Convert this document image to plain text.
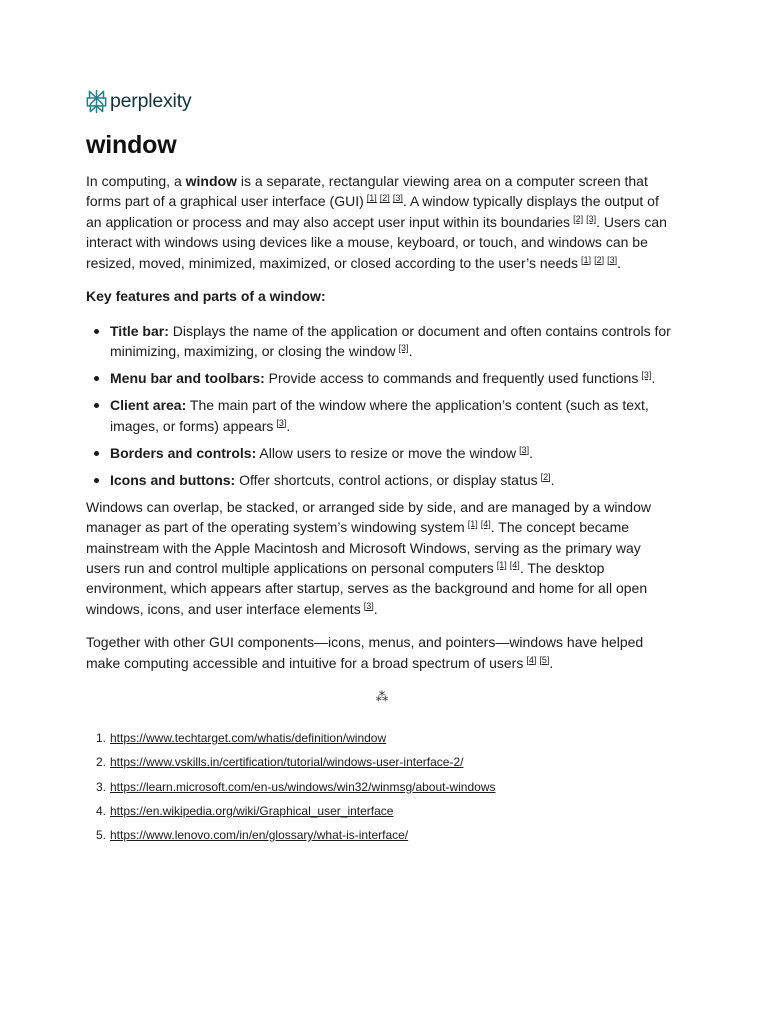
perplexity
window

In computing, a window is a separate, rectangular viewing area on a computer screen that forms part of a graphical user interface (GUI) [1] [2] [3]. A window typically displays the output of an application or process and may also accept user input within its boundaries [2] [3]. Users can interact with windows using devices like a mouse, keyboard, or touch, and windows can be resized, moved, minimized, maximized, or closed according to the user’s needs [1] [2] [3].

Key features and parts of a window:

Title bar: Displays the name of the application or document and often contains controls for minimizing, maximizing, or closing the window [3].
Menu bar and toolbars: Provide access to commands and frequently used functions [3].
Client area: The main part of the window where the application’s content (such as text, images, or forms) appears [3].
Borders and controls: Allow users to resize or move the window [3].
Icons and buttons: Offer shortcuts, control actions, or display status [2].

Windows can overlap, be stacked, or arranged side by side, and are managed by a window manager as part of the operating system’s windowing system [1] [4]. The concept became mainstream with the Apple Macintosh and Microsoft Windows, serving as the primary way users run and control multiple applications on personal computers [1] [4]. The desktop environment, which appears after startup, serves as the background and home for all open windows, icons, and user interface elements [3].

Together with other GUI components—icons, menus, and pointers—windows have helped make computing accessible and intuitive for a broad spectrum of users [4] [5].

⁂
1. https://www.techtarget.com/whatis/definition/window
2. https://www.vskills.in/certification/tutorial/windows-user-interface-2/
3. https://learn.microsoft.com/en-us/windows/win32/winmsg/about-windows
4. https://en.wikipedia.org/wiki/Graphical_user_interface
5. https://www.lenovo.com/in/en/glossary/what-is-interface/
